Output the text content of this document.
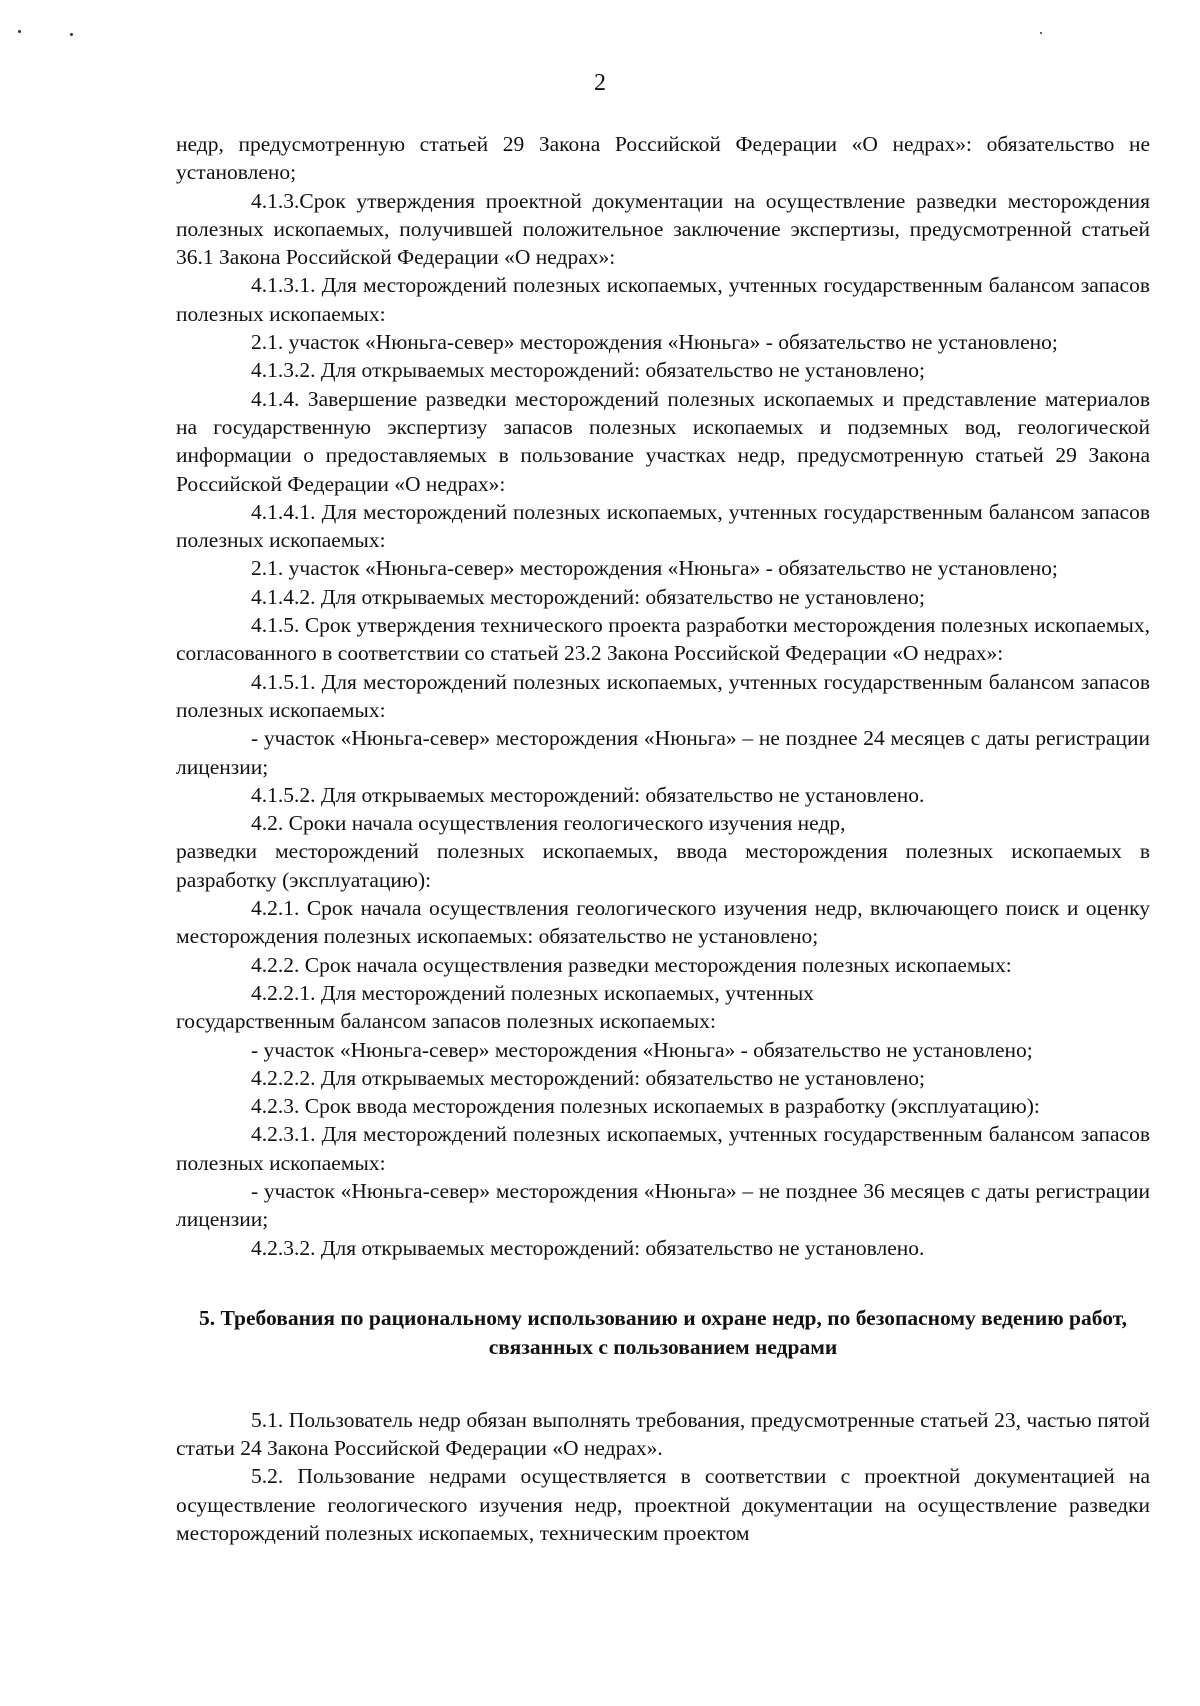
2

недр, предусмотренную статьей 29 Закона Российской Федерации «О недрах»: обязательство не установлено;

4.1.3.Срок утверждения проектной документации на осуществление разведки месторождения полезных ископаемых, получившей положительное заключение экспертизы, предусмотренной статьей 36.1 Закона Российской Федерации «О недрах»:

4.1.3.1. Для месторождений полезных ископаемых, учтенных государственным балансом запасов полезных ископаемых:

2.1. участок «Нюньга-север» месторождения «Нюньга» - обязательство не установлено;

4.1.3.2. Для открываемых месторождений: обязательство не установлено;

4.1.4. Завершение разведки месторождений полезных ископаемых и представление материалов на государственную экспертизу запасов полезных ископаемых и подземных вод, геологической информации о предоставляемых в пользование участках недр, предусмотренную статьей 29 Закона Российской Федерации «О недрах»:

4.1.4.1. Для месторождений полезных ископаемых, учтенных государственным балансом запасов полезных ископаемых:

2.1. участок «Нюньга-север» месторождения «Нюньга» - обязательство не установлено;

4.1.4.2. Для открываемых месторождений: обязательство не установлено;

4.1.5. Срок утверждения технического проекта разработки месторождения полезных ископаемых, согласованного в соответствии со статьей 23.2 Закона Российской Федерации «О недрах»:

4.1.5.1. Для месторождений полезных ископаемых, учтенных государственным балансом запасов полезных ископаемых:

- участок «Нюньга-север» месторождения «Нюньга» – не позднее 24 месяцев с даты регистрации лицензии;

4.1.5.2. Для открываемых месторождений: обязательство не установлено.

4.2. Сроки начала осуществления геологического изучения недр,

разведки месторождений полезных ископаемых, ввода месторождения полезных ископаемых в разработку (эксплуатацию):

4.2.1. Срок начала осуществления геологического изучения недр, включающего поиск и оценку месторождения полезных ископаемых: обязательство не установлено;

4.2.2. Срок начала осуществления разведки месторождения полезных ископаемых:

4.2.2.1. Для месторождений полезных ископаемых, учтенных

государственным балансом запасов полезных ископаемых:

- участок «Нюньга-север» месторождения «Нюньга» - обязательство не установлено;

4.2.2.2. Для открываемых месторождений: обязательство не установлено;

4.2.3. Срок ввода месторождения полезных ископаемых в разработку (эксплуатацию):

4.2.3.1. Для месторождений полезных ископаемых, учтенных государственным балансом запасов полезных ископаемых:

- участок «Нюньга-север» месторождения «Нюньга» – не позднее 36 месяцев с даты регистрации лицензии;

4.2.3.2. Для открываемых месторождений: обязательство не установлено.

5. Требования по рациональному использованию и охране недр, по безопасному ведению работ, связанных с пользованием недрами

5.1. Пользователь недр обязан выполнять требования, предусмотренные статьей 23, частью пятой статьи 24 Закона Российской Федерации «О недрах».

5.2. Пользование недрами осуществляется в соответствии с проектной документацией на осуществление геологического изучения недр, проектной документации на осуществление разведки месторождений полезных ископаемых, техническим проектом
